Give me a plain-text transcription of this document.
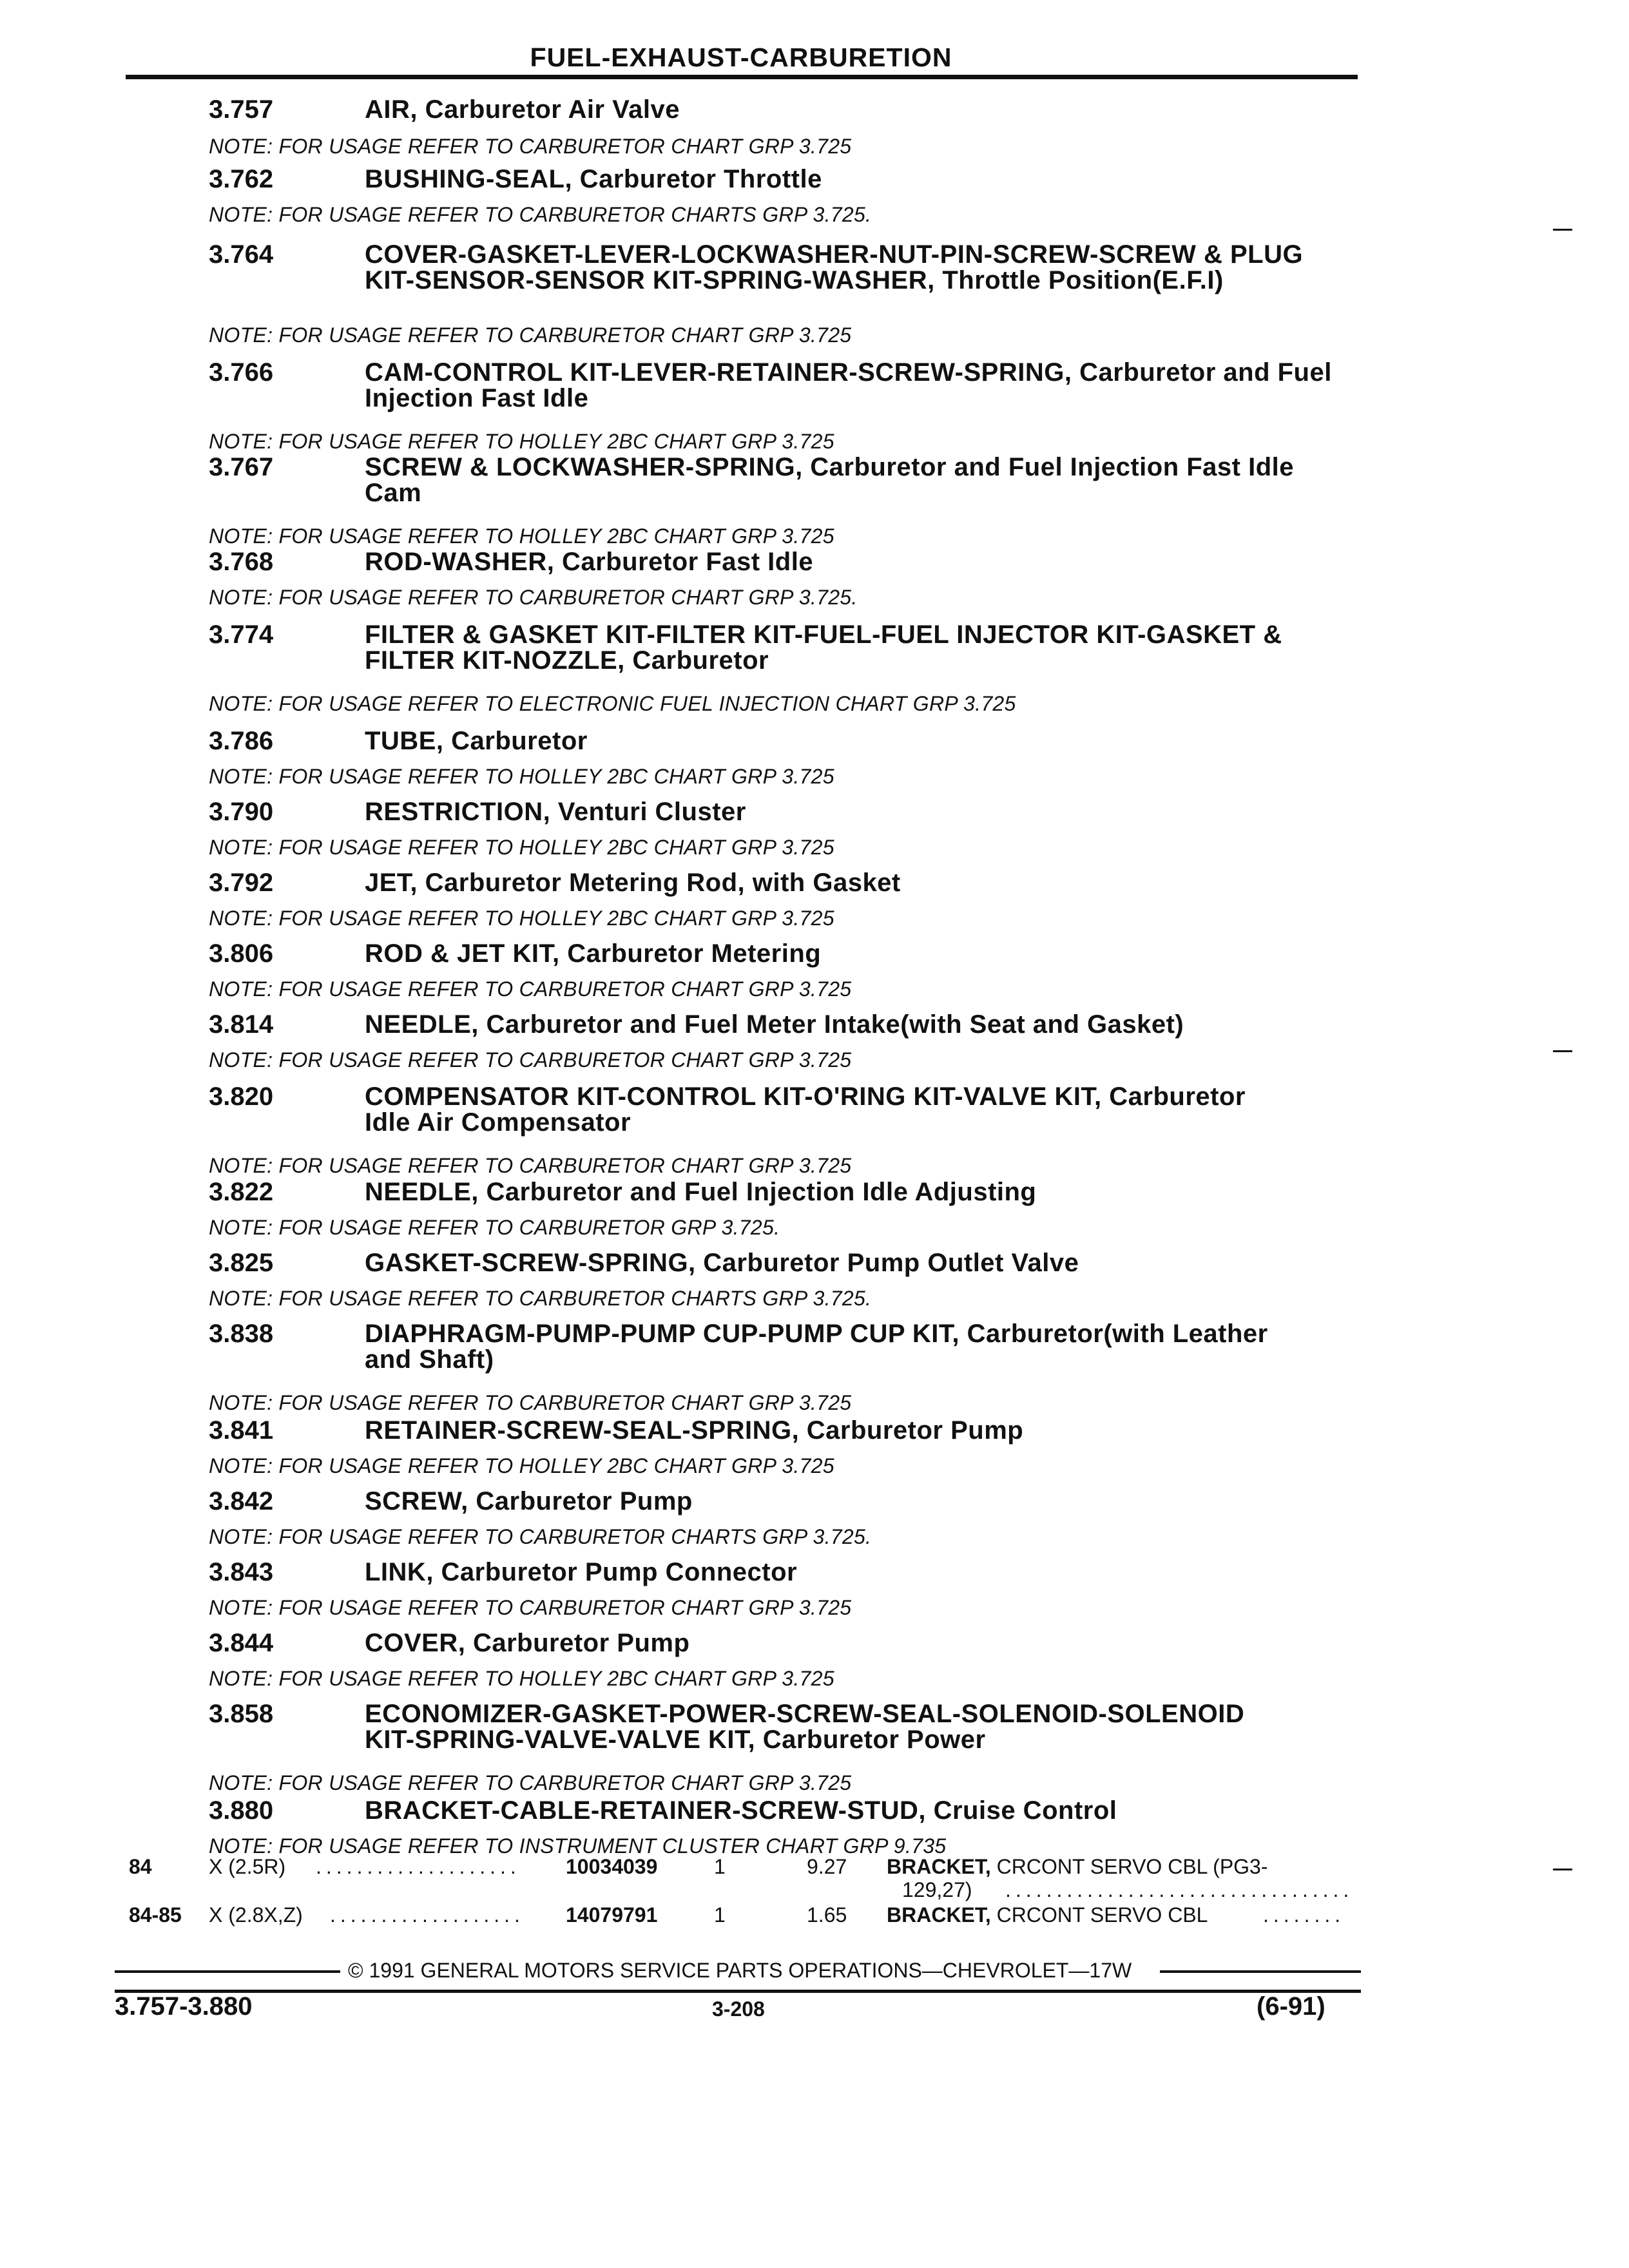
FUEL-EXHAUST-CARBURETION
3.757	AIR, Carburetor Air Valve
NOTE: FOR USAGE REFER TO CARBURETOR CHART GRP 3.725
3.762	BUSHING-SEAL, Carburetor Throttle
NOTE: FOR USAGE REFER TO CARBURETOR CHARTS GRP 3.725.
3.764	COVER-GASKET-LEVER-LOCKWASHER-NUT-PIN-SCREW-SCREW & PLUG KIT-SENSOR-SENSOR KIT-SPRING-WASHER, Throttle Position(E.F.I)
NOTE: FOR USAGE REFER TO CARBURETOR CHART GRP 3.725
3.766	CAM-CONTROL KIT-LEVER-RETAINER-SCREW-SPRING, Carburetor and Fuel Injection Fast Idle
NOTE: FOR USAGE REFER TO HOLLEY 2BC CHART GRP 3.725
3.767	SCREW & LOCKWASHER-SPRING, Carburetor and Fuel Injection Fast Idle Cam
NOTE: FOR USAGE REFER TO HOLLEY 2BC CHART GRP 3.725
3.768	ROD-WASHER, Carburetor Fast Idle
NOTE: FOR USAGE REFER TO CARBURETOR CHART GRP 3.725.
3.774	FILTER & GASKET KIT-FILTER KIT-FUEL-FUEL INJECTOR KIT-GASKET & FILTER KIT-NOZZLE, Carburetor
NOTE: FOR USAGE REFER TO ELECTRONIC FUEL INJECTION CHART GRP 3.725
3.786	TUBE, Carburetor
NOTE: FOR USAGE REFER TO HOLLEY 2BC CHART GRP 3.725
3.790	RESTRICTION, Venturi Cluster
NOTE: FOR USAGE REFER TO HOLLEY 2BC CHART GRP 3.725
3.792	JET, Carburetor Metering Rod, with Gasket
NOTE: FOR USAGE REFER TO HOLLEY 2BC CHART GRP 3.725
3.806	ROD & JET KIT, Carburetor Metering
NOTE: FOR USAGE REFER TO CARBURETOR CHART GRP 3.725
3.814	NEEDLE, Carburetor and Fuel Meter Intake(with Seat and Gasket)
NOTE: FOR USAGE REFER TO CARBURETOR CHART GRP 3.725
3.820	COMPENSATOR KIT-CONTROL KIT-O'RING KIT-VALVE KIT, Carburetor Idle Air Compensator
NOTE: FOR USAGE REFER TO CARBURETOR CHART GRP 3.725
3.822	NEEDLE, Carburetor and Fuel Injection Idle Adjusting
NOTE: FOR USAGE REFER TO CARBURETOR GRP 3.725.
3.825	GASKET-SCREW-SPRING, Carburetor Pump Outlet Valve
NOTE: FOR USAGE REFER TO CARBURETOR CHARTS GRP 3.725.
3.838	DIAPHRAGM-PUMP-PUMP CUP-PUMP CUP KIT, Carburetor(with Leather and Shaft)
NOTE: FOR USAGE REFER TO CARBURETOR CHART GRP 3.725
3.841	RETAINER-SCREW-SEAL-SPRING, Carburetor Pump
NOTE: FOR USAGE REFER TO HOLLEY 2BC CHART GRP 3.725
3.842	SCREW, Carburetor Pump
NOTE: FOR USAGE REFER TO CARBURETOR CHARTS GRP 3.725.
3.843	LINK, Carburetor Pump Connector
NOTE: FOR USAGE REFER TO CARBURETOR CHART GRP 3.725
3.844	COVER, Carburetor Pump
NOTE: FOR USAGE REFER TO HOLLEY 2BC CHART GRP 3.725
3.858	ECONOMIZER-GASKET-POWER-SCREW-SEAL-SOLENOID-SOLENOID KIT-SPRING-VALVE-VALVE KIT, Carburetor Power
NOTE: FOR USAGE REFER TO CARBURETOR CHART GRP 3.725
3.880	BRACKET-CABLE-RETAINER-SCREW-STUD, Cruise Control
NOTE: FOR USAGE REFER TO INSTRUMENT CLUSTER CHART GRP 9.735
84	X (2.5R) .................... 10034039	1	9.27 BRACKET, CRCONT SERVO CBL (PG3-
129,27) ..................................
84-85 X (2.8X,Z) ................... 14079791	1	1.65 BRACKET, CRCONT SERVO CBL	........
© 1991 GENERAL MOTORS SERVICE PARTS OPERATIONS—CHEVROLET—17W
3.757-3.880	3-208	(6-91)
